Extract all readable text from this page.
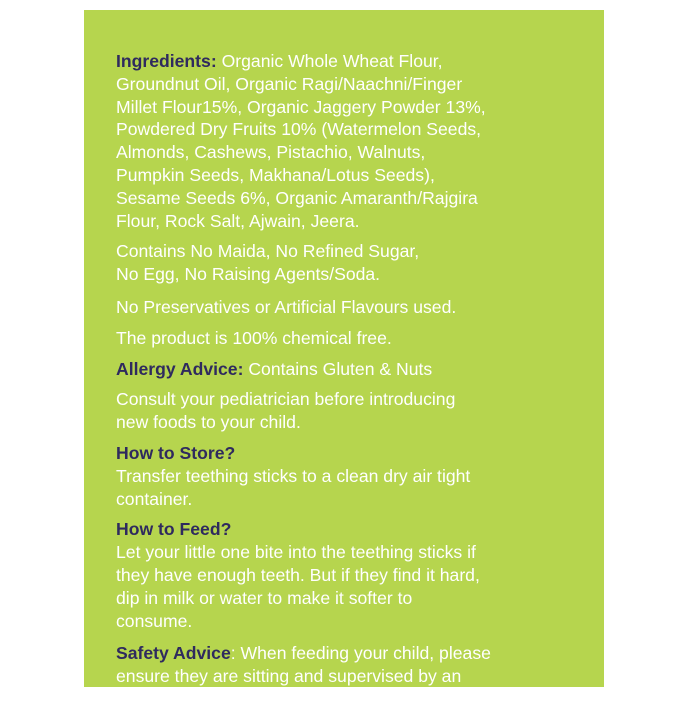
Ingredients: Organic Whole Wheat Flour,
Groundnut Oil, Organic Ragi/Naachni/Finger
Millet Flour15%, Organic Jaggery Powder 13%,
Powdered Dry Fruits 10% (Watermelon Seeds,
Almonds, Cashews, Pistachio, Walnuts,
Pumpkin Seeds, Makhana/Lotus Seeds),
Sesame Seeds 6%, Organic Amaranth/Rajgira
Flour, Rock Salt, Ajwain, Jeera.

Contains No Maida, No Refined Sugar,
No Egg, No Raising Agents/Soda.

No Preservatives or Artificial Flavours used.

The product is 100% chemical free.

Allergy Advice: Contains Gluten & Nuts

Consult your pediatrician before introducing
new foods to your child.

How to Store?
Transfer teething sticks to a clean dry air tight
container.

How to Feed?
Let your little one bite into the teething sticks if
they have enough teeth. But if they find it hard,
dip in milk or water to make it softer to
consume.

Safety Advice: When feeding your child, please
ensure they are sitting and supervised by an
adult to reduce the risk of choking.
